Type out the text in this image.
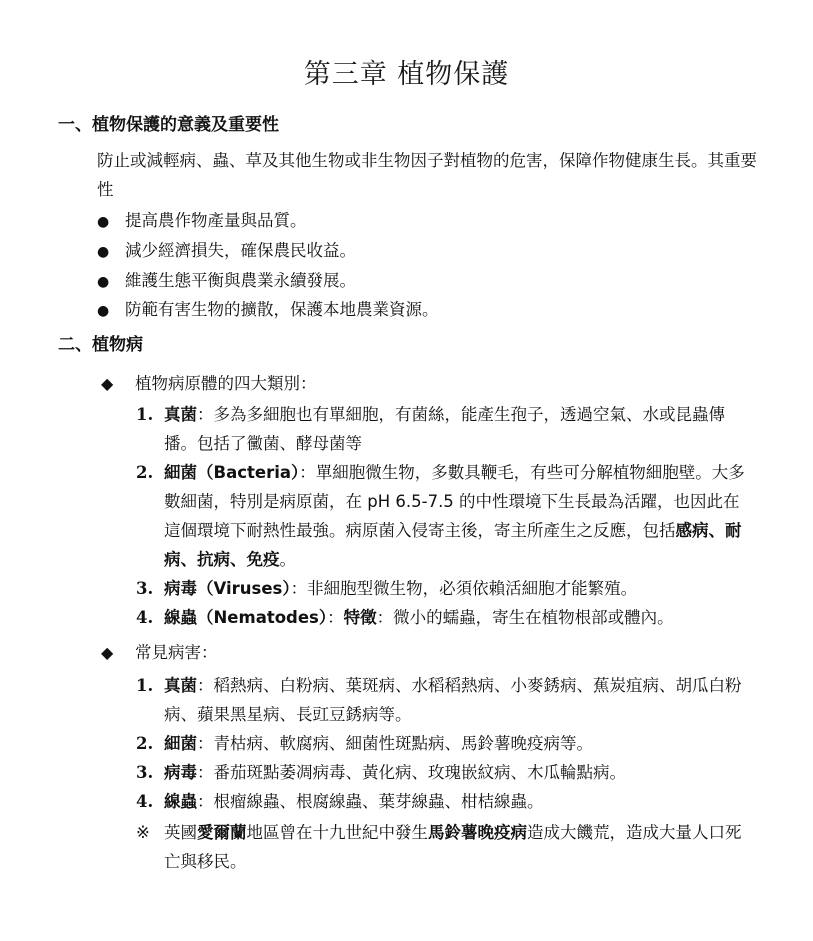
第三章 植物保護
一、植物保護的意義及重要性
防止或減輕病、蟲、草及其他生物或非生物因子對植物的危害，保障作物健康生長。其重要性
● 提高農作物產量與品質。
● 減少經濟損失，確保農民收益。
● 維護生態平衡與農業永續發展。
● 防範有害生物的擴散，保護本地農業資源。
二、植物病
◆ 植物病原體的四大類別：
1. 真菌：多為多細胞也有單細胞，有菌絲，能產生孢子，透過空氣、水或昆蟲傳播。包括了黴菌、酵母菌等
2. 細菌（Bacteria）：單細胞微生物，多數具鞭毛，有些可分解植物細胞壁。大多數細菌，特別是病原菌，在 pH 6.5-7.5 的中性環境下生長最為活躍，也因此在這個環境下耐熱性最強。病原菌入侵寄主後，寄主所產生之反應，包括感病、耐病、抗病、免疫。
3. 病毒（Viruses）：非細胞型微生物，必須依賴活細胞才能繁殖。
4. 線蟲（Nematodes）：特徵：微小的蠕蟲，寄生在植物根部或體內。
◆ 常見病害：
1. 真菌：稻熱病、白粉病、葉斑病、水稻稻熱病、小麥銹病、蕉炭疽病、胡瓜白粉病、蘋果黑星病、長豇豆銹病等。
2. 細菌：青枯病、軟腐病、細菌性斑點病、馬鈴薯晚疫病等。
3. 病毒：番茄斑點萎凋病毒、黃化病、玫瑰嵌紋病、木瓜輪點病。
4. 線蟲：根瘤線蟲、根腐線蟲、葉芽線蟲、柑桔線蟲。
※ 英國愛爾蘭地區曾在十九世紀中發生馬鈴薯晚疫病造成大饑荒，造成大量人口死亡與移民。
